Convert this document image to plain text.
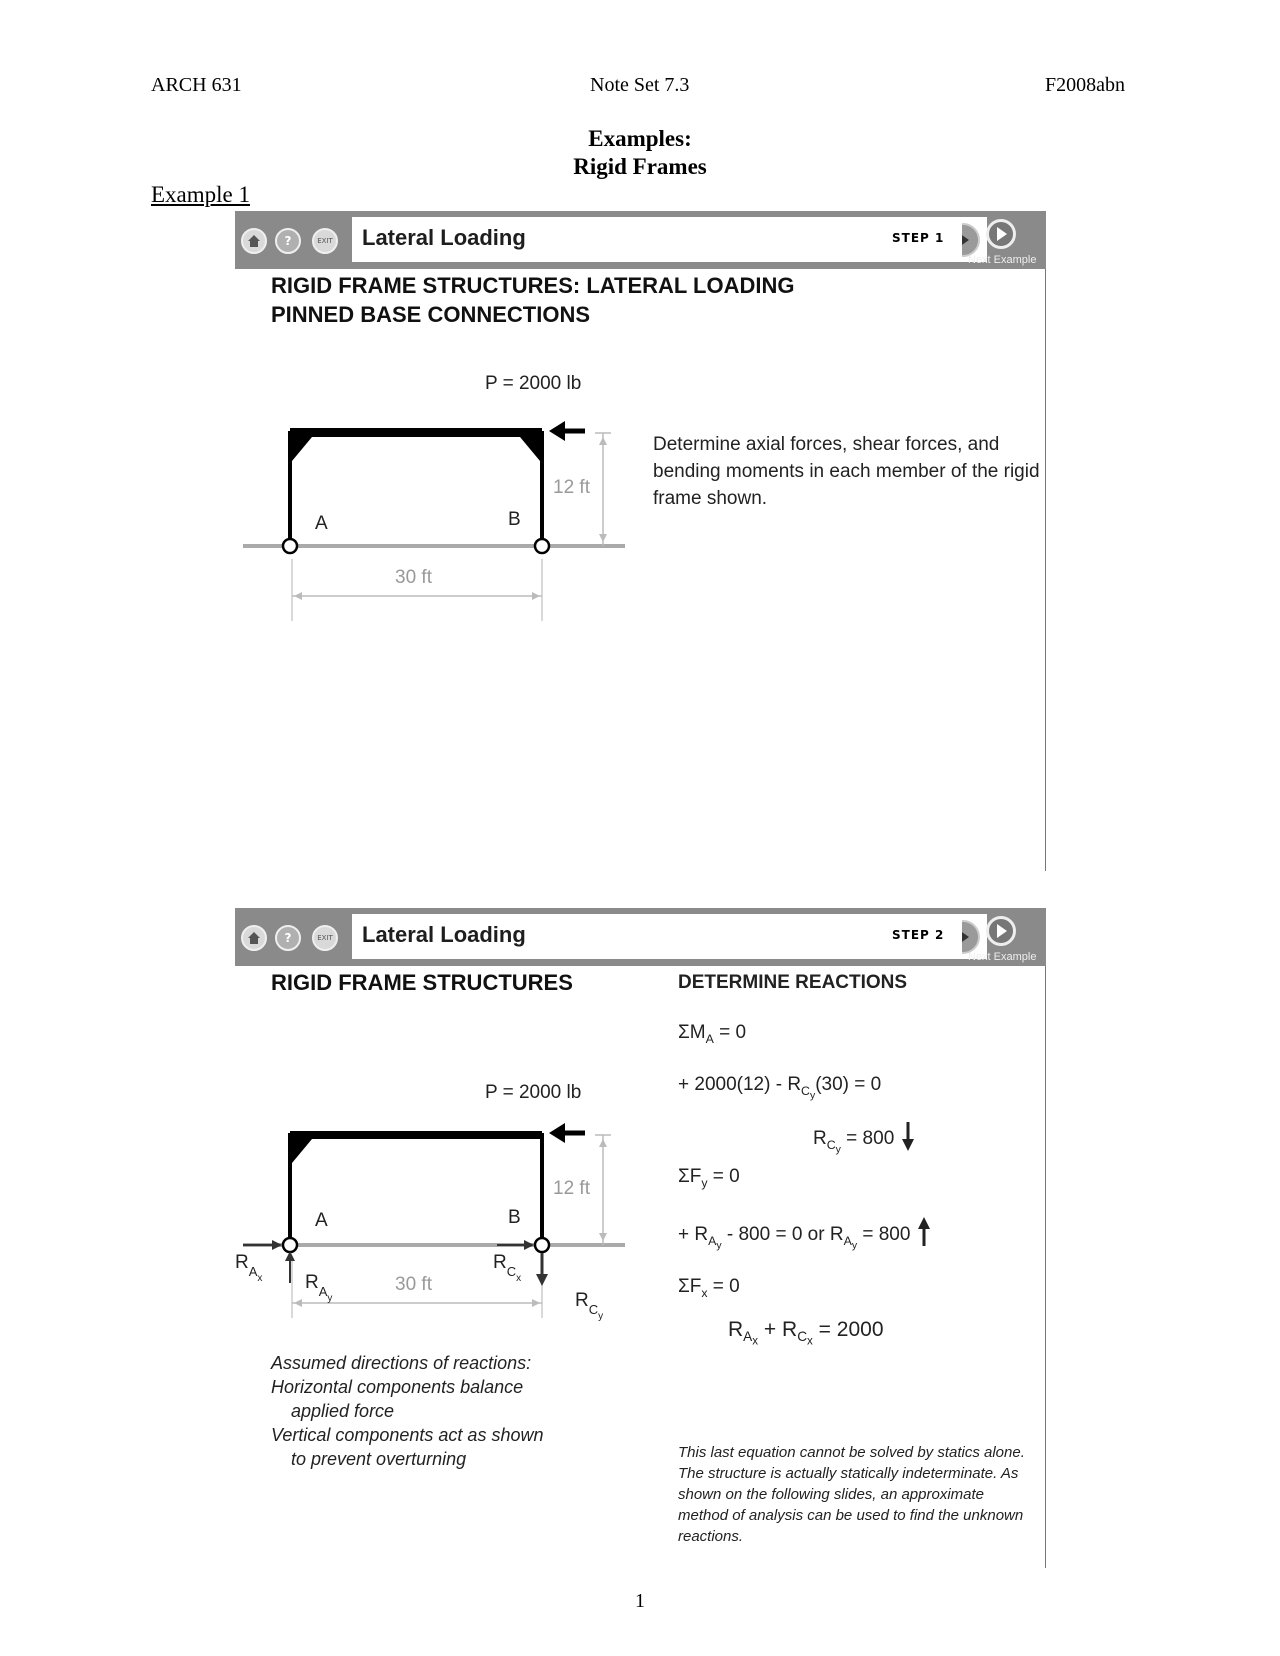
ARCH 631	Note Set 7.3	F2008abn
Examples:
Rigid Frames
Example 1
?	EXIT Lateral Loading	STEP 1
Next Example
RIGID FRAME STRUCTURES: LATERAL LOADING
PINNED BASE CONNECTIONS
P = 2000 lb
12 ft
A	B
30 ft
Determine axial forces, shear forces, and bending moments in each member of the rigid frame shown.
?	EXIT Lateral Loading	STEP 2
Next Example
RIGID FRAME STRUCTURES
P = 2000 lb
12 ft
A	B
30 ft
$R_{Ax}$ $R_{Ay}$
$R_{Cx}$
$R_{Cy}$
Assumed directions of reactions:
Horizontal components balance
applied force
Vertical components act as shown
to prevent overturning
DETERMINE REACTIONS
$\Sigma M_A = 0$
+ $2000(12) - R_{C_y}(30) = 0$
$R_{C_y} = 800$
$\Sigma F_y = 0$
+ $R_{A_y} - 800 = 0$ or $R_{A_y} = 800$
$\Sigma F_x = 0$
$R_{A_x} + R_{C_x} = 2000$
This last equation cannot be solved by statics alone. The structure is actually statically indeterminate. As shown on the following slides, an approximate method of analysis can be used to find the unknown reactions.
1
